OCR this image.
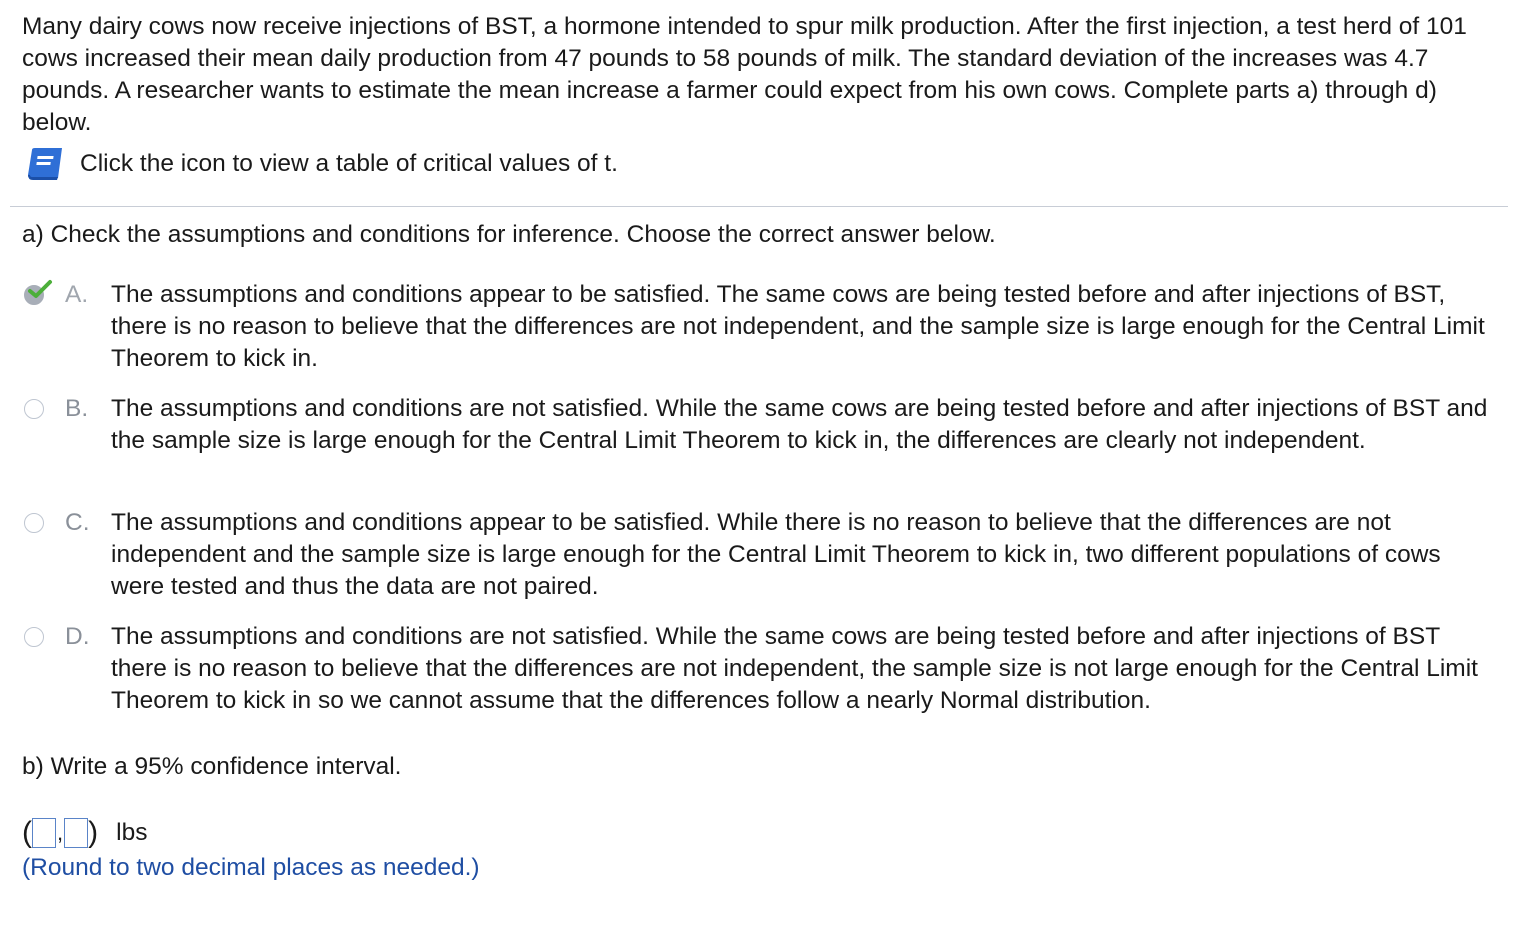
Many dairy cows now receive injections of BST, a hormone intended to spur milk production. After the first injection, a test herd of 101 cows increased their mean daily production from 47 pounds to 58 pounds of milk. The standard deviation of the increases was 4.7 pounds. A researcher wants to estimate the mean increase a farmer could expect from his own cows. Complete parts a) through d) below.
Click the icon to view a table of critical values of t.
a) Check the assumptions and conditions for inference. Choose the correct answer below.
A. The assumptions and conditions appear to be satisfied. The same cows are being tested before and after injections of BST, there is no reason to believe that the differences are not independent, and the sample size is large enough for the Central Limit Theorem to kick in.
B. The assumptions and conditions are not satisfied. While the same cows are being tested before and after injections of BST and the sample size is large enough for the Central Limit Theorem to kick in, the differences are clearly not independent.
C. The assumptions and conditions appear to be satisfied. While there is no reason to believe that the differences are not independent and the sample size is large enough for the Central Limit Theorem to kick in, two different populations of cows were tested and thus the data are not paired.
D. The assumptions and conditions are not satisfied. While the same cows are being tested before and after injections of BST there is no reason to believe that the differences are not independent, the sample size is not large enough for the Central Limit Theorem to kick in so we cannot assume that the differences follow a nearly Normal distribution.
b) Write a 95% confidence interval.
( , ) lbs
(Round to two decimal places as needed.)
